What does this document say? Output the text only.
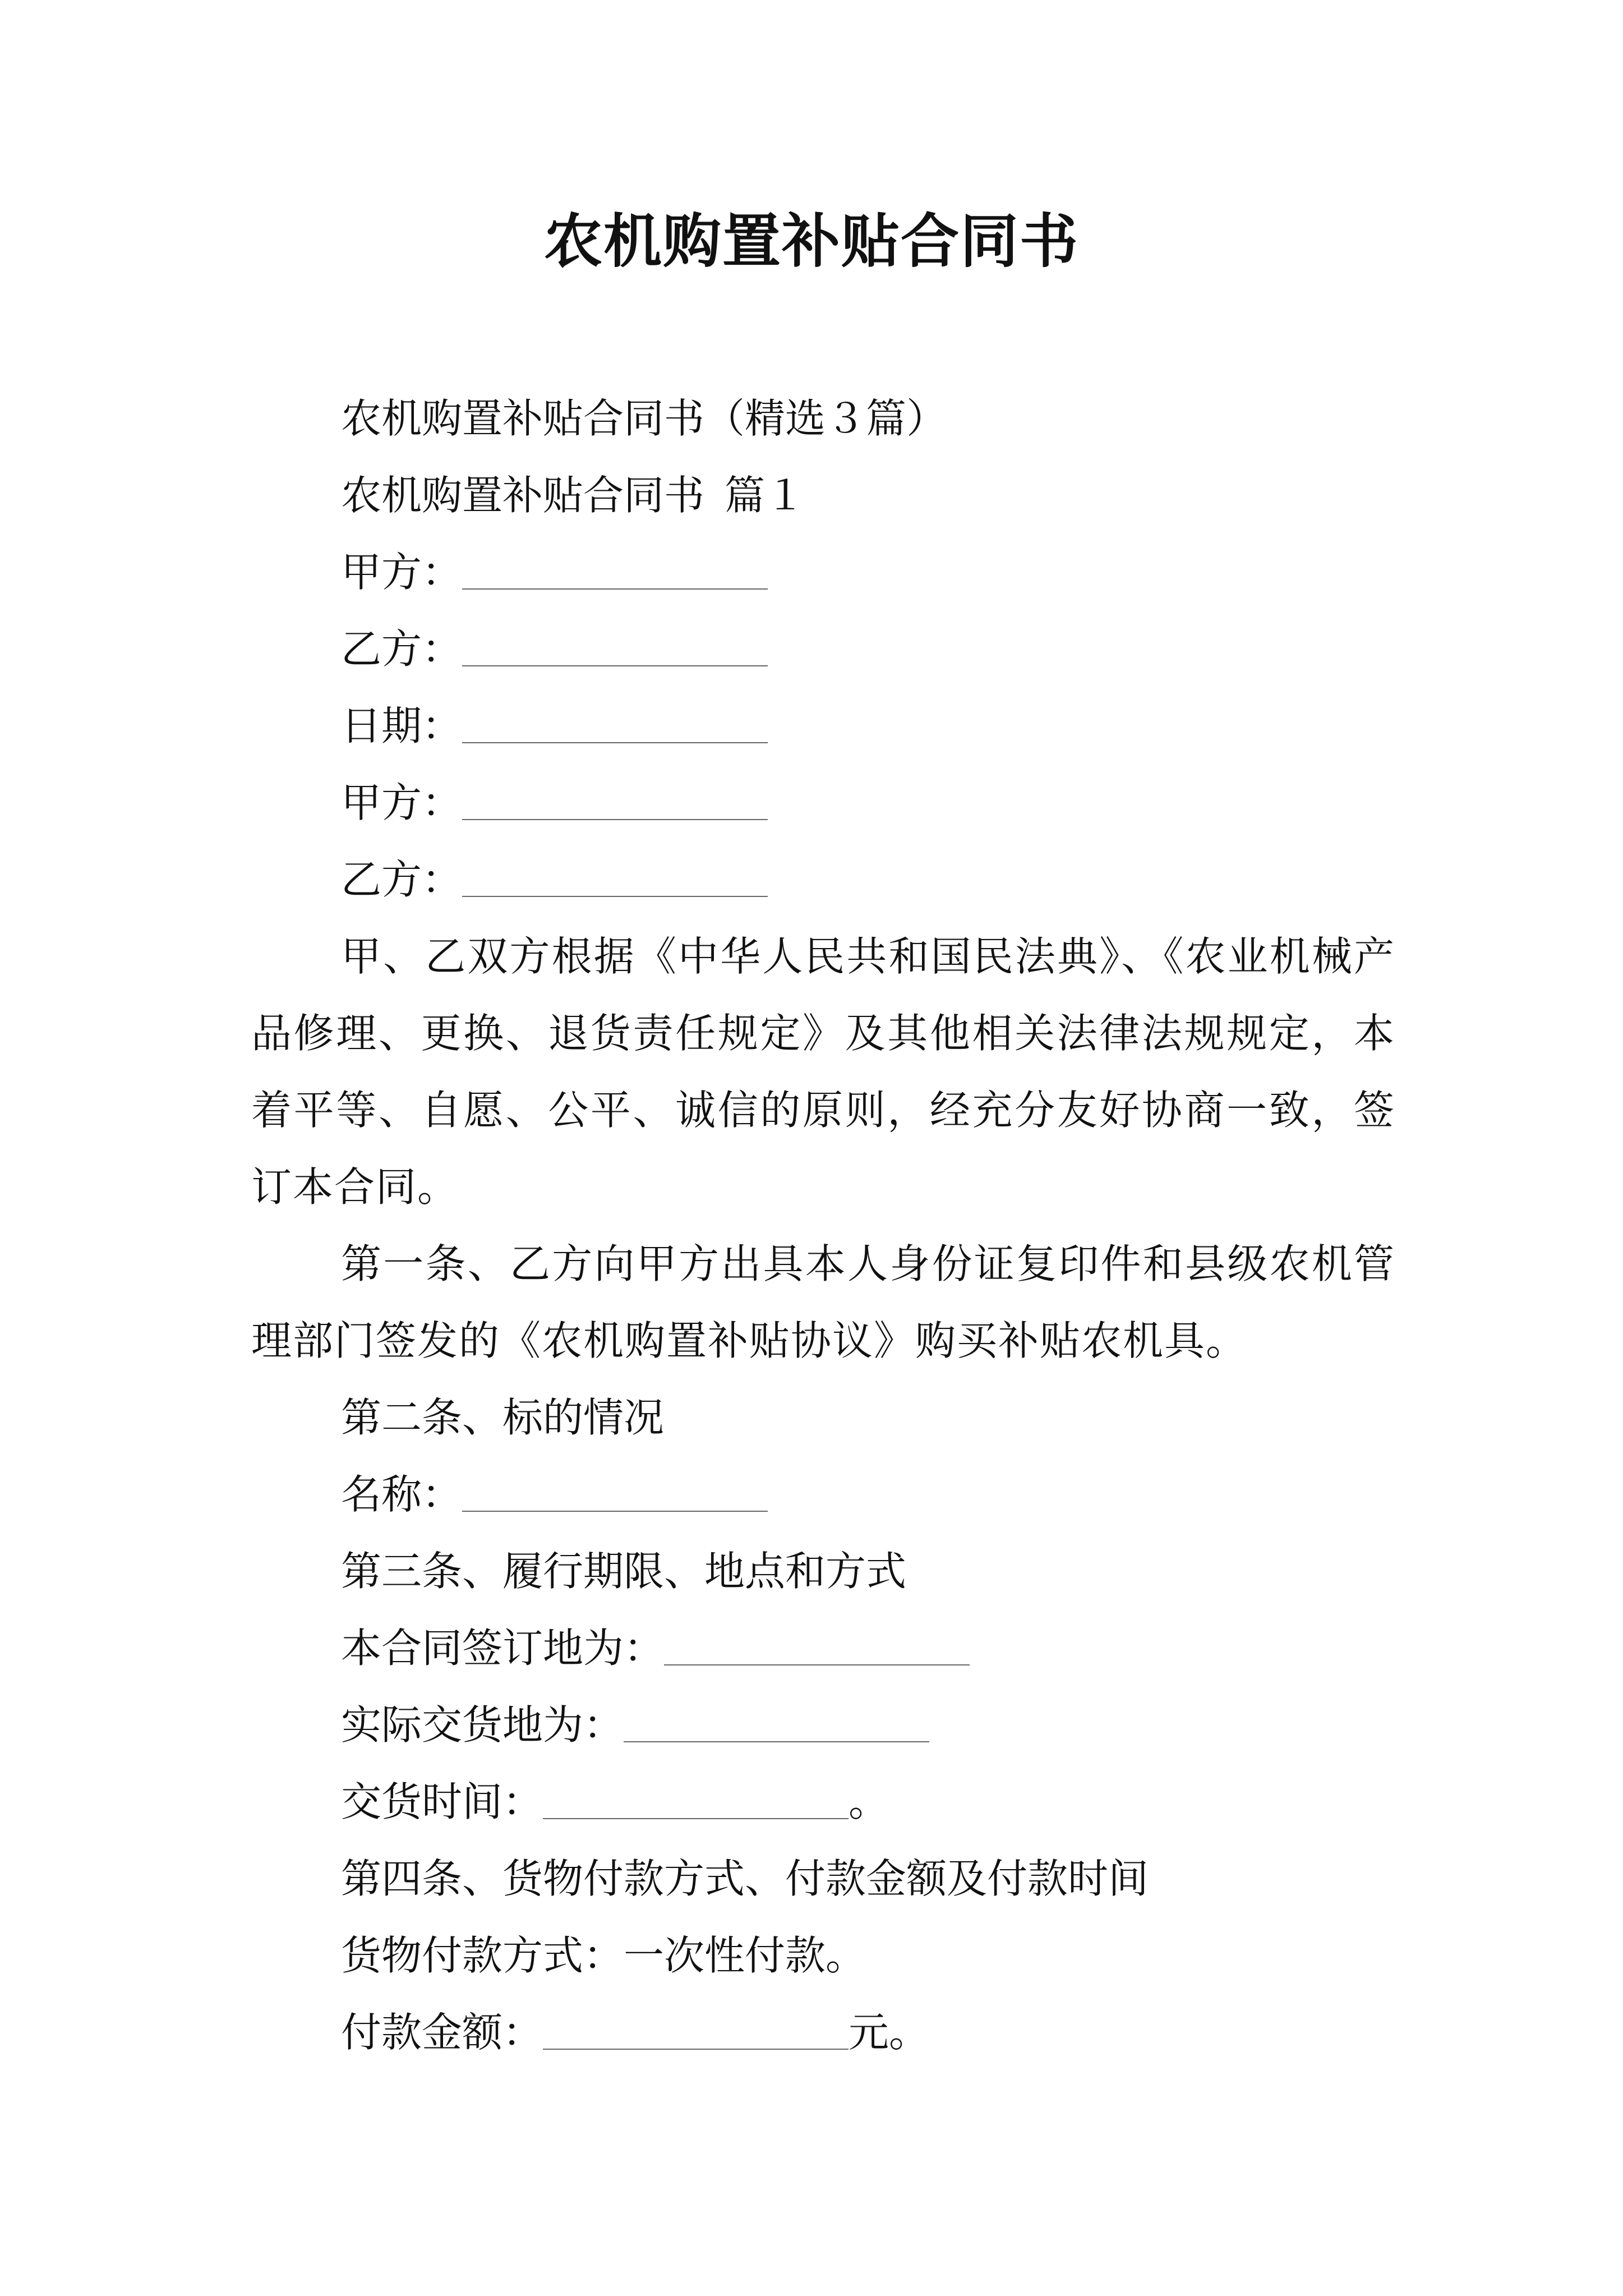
农机购置补贴合同书
农机购置补贴合同书（精选３篇）
农机购置补贴合同书 篇１
甲方：
乙方：
日期：
甲方：
乙方：
甲、乙双方根据《中华人民共和国民法典》、《农业机械产品修理、更换、退货责任规定》及其他相关法律法规规定，本着平等、自愿、公平、诚信的原则，经充分友好协商一致，签订本合同。
第一条、乙方向甲方出具本人身份证复印件和县级农机管理部门签发的《农机购置补贴协议》购买补贴农机具。
第二条、标的情况
名称：
第三条、履行期限、地点和方式
本合同签订地为：
实际交货地为：
交货时间：	。
第四条、货物付款方式、付款金额及付款时间
货物付款方式：一次性付款。
付款金额：	元。
